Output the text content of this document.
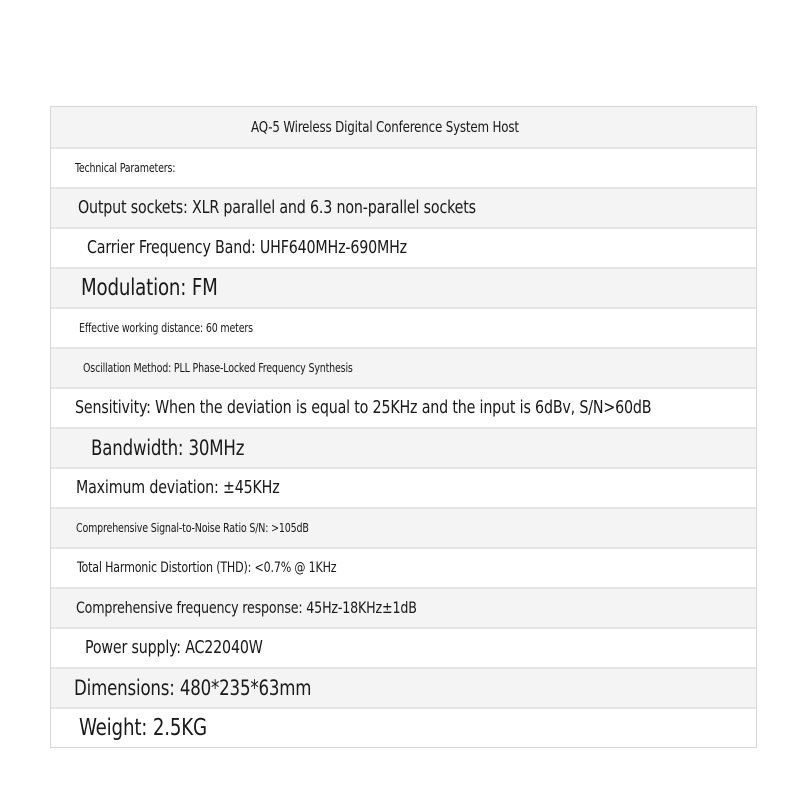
AQ-5 Wireless Digital Conference System Host
Technical Parameters:
Output sockets: XLR parallel and 6.3 non-parallel sockets
Carrier Frequency Band: UHF640MHz-690MHz
Modulation: FM
Effective working distance: 60 meters
Oscillation Method: PLL Phase-Locked Frequency Synthesis
Sensitivity: When the deviation is equal to 25KHz and the input is 6dBv, S/N>60dB
Bandwidth: 30MHz
Maximum deviation: ±45KHz
Comprehensive Signal-to-Noise Ratio S/N: >105dB
Total Harmonic Distortion (THD): <0.7% @ 1KHz
Comprehensive frequency response: 45Hz-18KHz±1dB
Power supply: AC22040W
Dimensions: 480*235*63mm
Weight: 2.5KG
